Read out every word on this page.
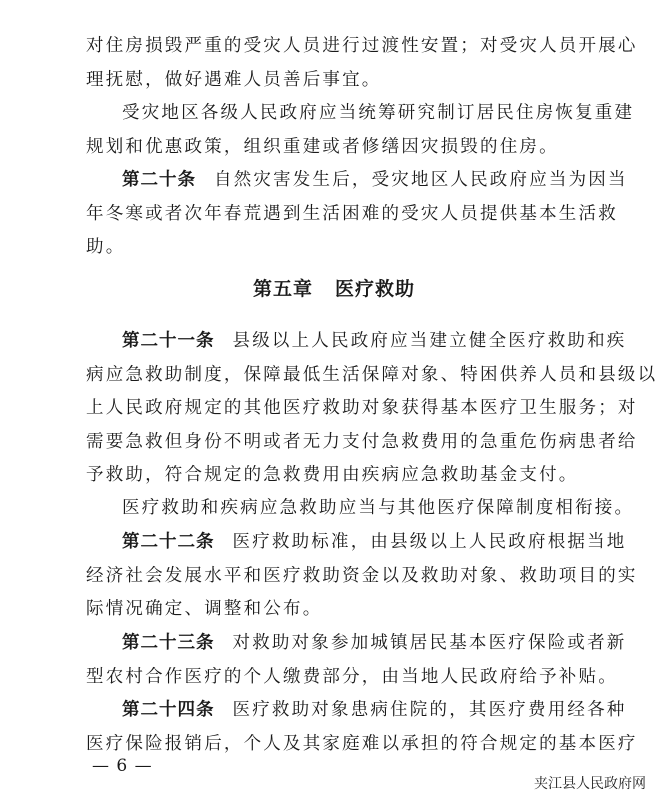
对住房损毁严重的受灾人员进行过渡性安置；对受灾人员开展心
理抚慰，做好遇难人员善后事宜。
受灾地区各级人民政府应当统筹研究制订居民住房恢复重建
规划和优惠政策，组织重建或者修缮因灾损毁的住房。
第二十条 自然灾害发生后，受灾地区人民政府应当为因当
年冬寒或者次年春荒遇到生活困难的受灾人员提供基本生活救
助。
第五章 医疗救助
第二十一条 县级以上人民政府应当建立健全医疗救助和疾
病应急救助制度，保障最低生活保障对象、特困供养人员和县级以
上人民政府规定的其他医疗救助对象获得基本医疗卫生服务；对
需要急救但身份不明或者无力支付急救费用的急重危伤病患者给
予救助，符合规定的急救费用由疾病应急救助基金支付。
医疗救助和疾病应急救助应当与其他医疗保障制度相衔接。
第二十二条 医疗救助标准，由县级以上人民政府根据当地
经济社会发展水平和医疗救助资金以及救助对象、救助项目的实
际情况确定、调整和公布。
第二十三条 对救助对象参加城镇居民基本医疗保险或者新
型农村合作医疗的个人缴费部分，由当地人民政府给予补贴。
第二十四条 医疗救助对象患病住院的，其医疗费用经各种
医疗保险报销后，个人及其家庭难以承担的符合规定的基本医疗
— 6 —
夹江县人民政府网
